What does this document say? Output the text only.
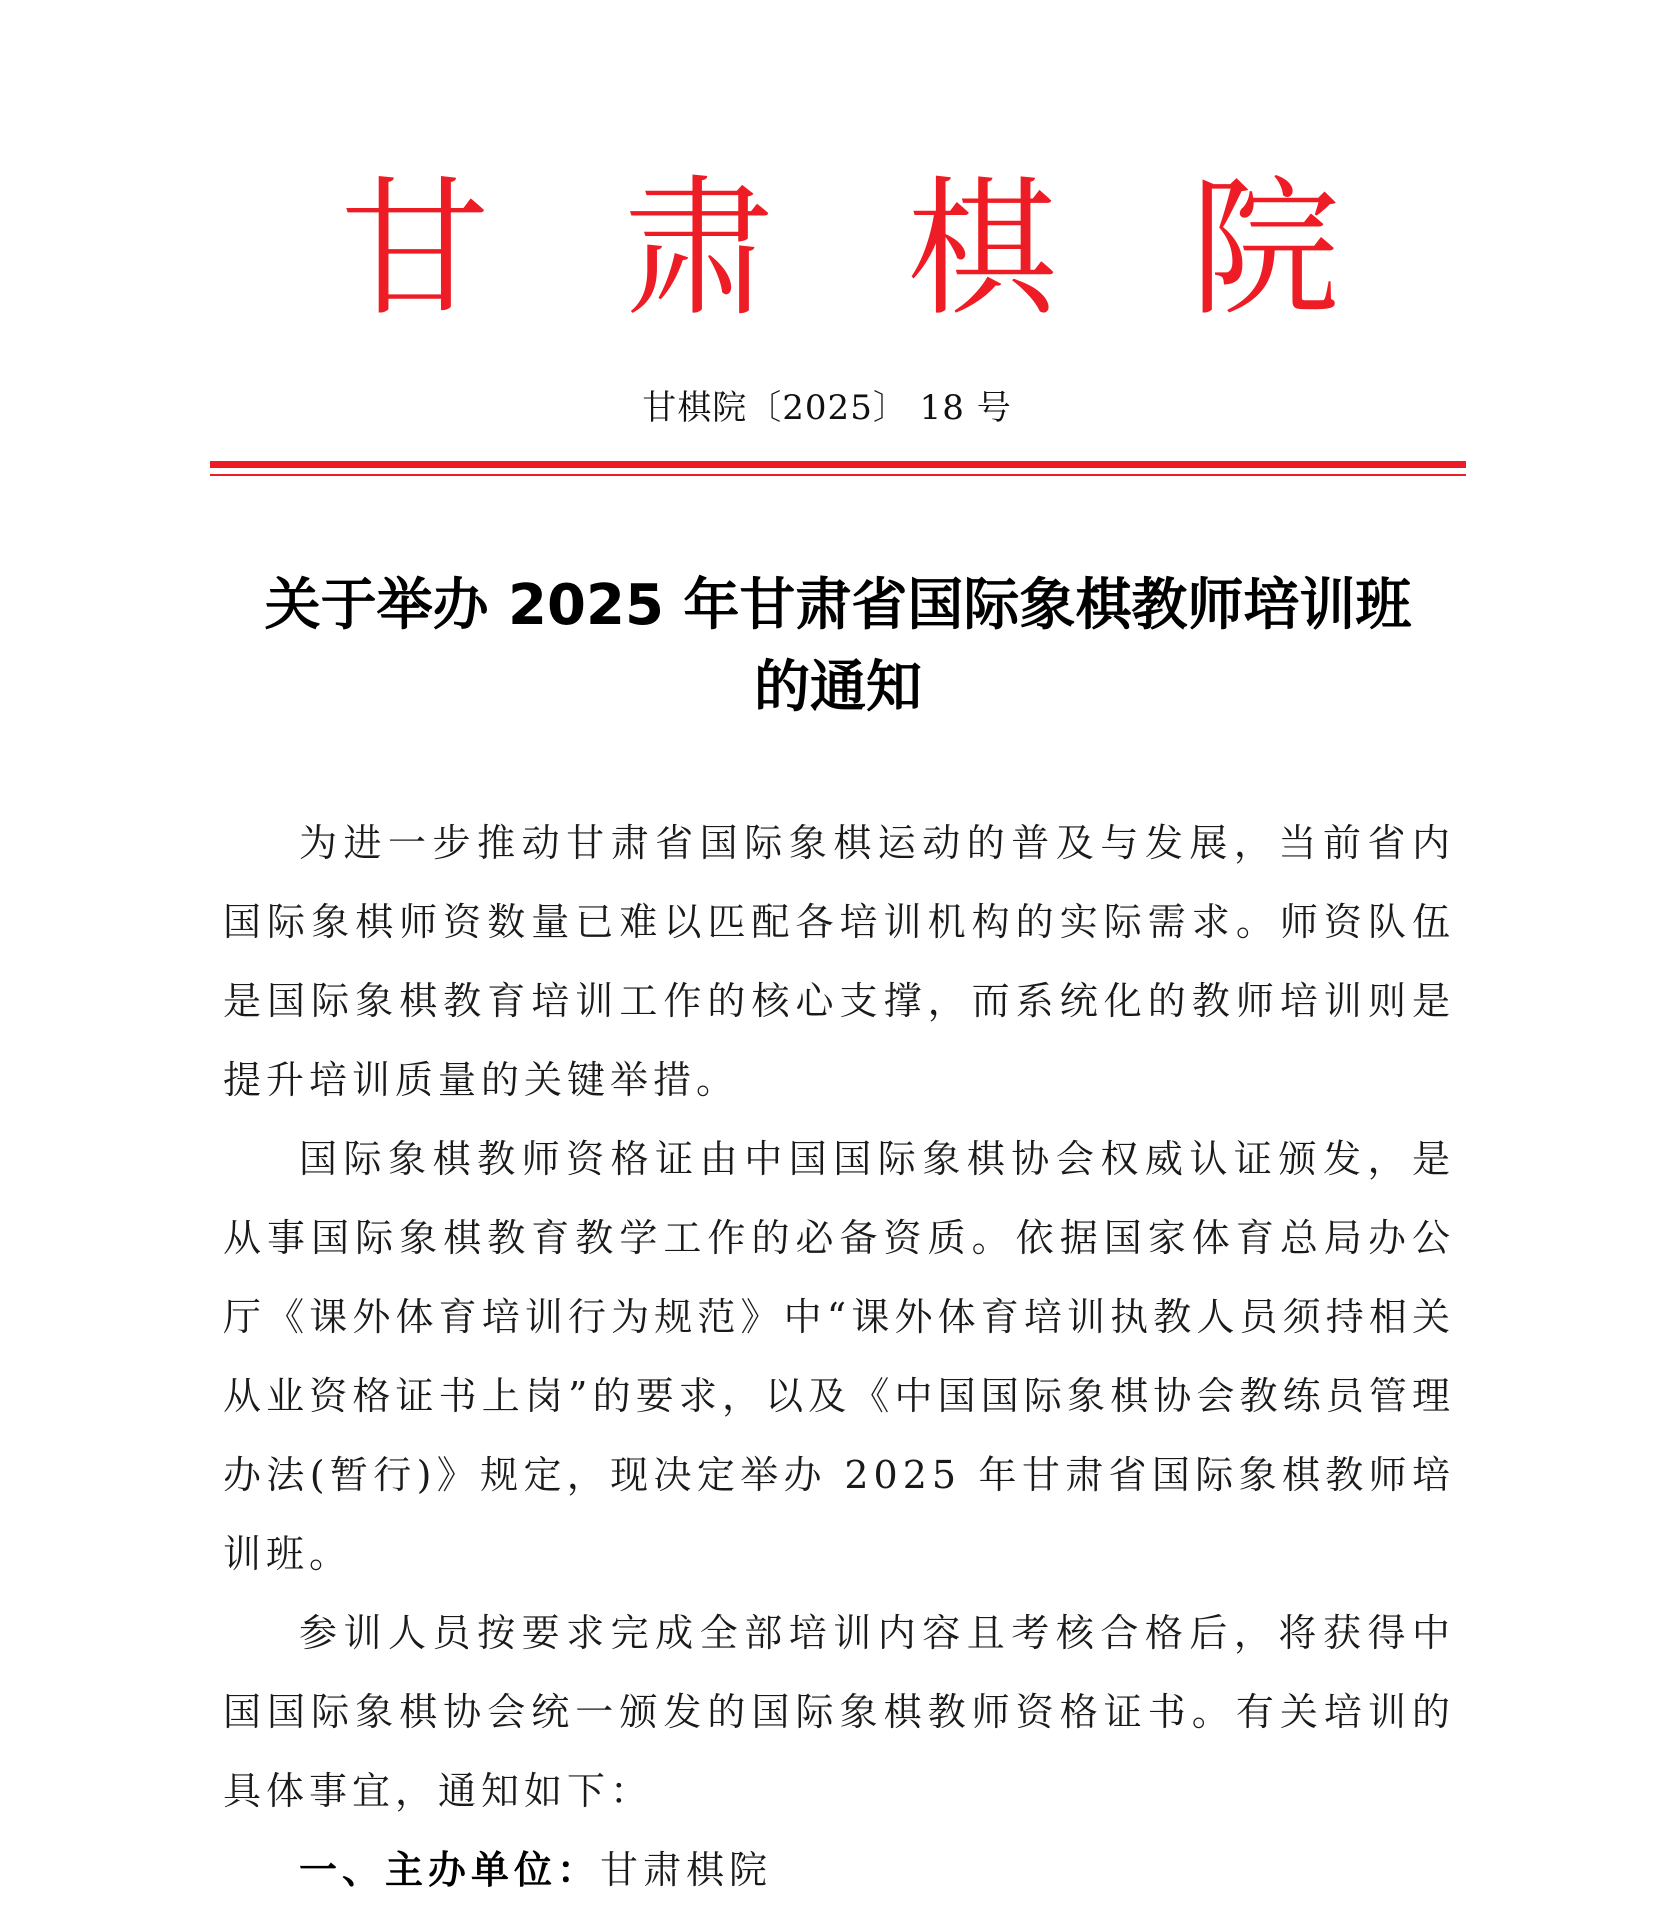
甘 肃 棋 院
甘棋院〔2025〕 18 号
关于举办 2025 年甘肃省国际象棋教师培训班
的通知

为进一步推动甘肃省国际象棋运动的普及与发展，当前省内国际象棋师资数量已难以匹配各培训机构的实际需求。师资队伍是国际象棋教育培训工作的核心支撑，而系统化的教师培训则是提升培训质量的关键举措。

国际象棋教师资格证由中国国际象棋协会权威认证颁发，是从事国际象棋教育教学工作的必备资质。依据国家体育总局办公厅《课外体育培训行为规范》中“课外体育培训执教人员须持相关从业资格证书上岗”的要求，以及《中国国际象棋协会教练员管理办法(暂行)》规定，现决定举办 2025 年甘肃省国际象棋教师培训班。

参训人员按要求完成全部培训内容且考核合格后，将获得中国国际象棋协会统一颁发的国际象棋教师资格证书。有关培训的具体事宜，通知如下：

一、主办单位：甘肃棋院
